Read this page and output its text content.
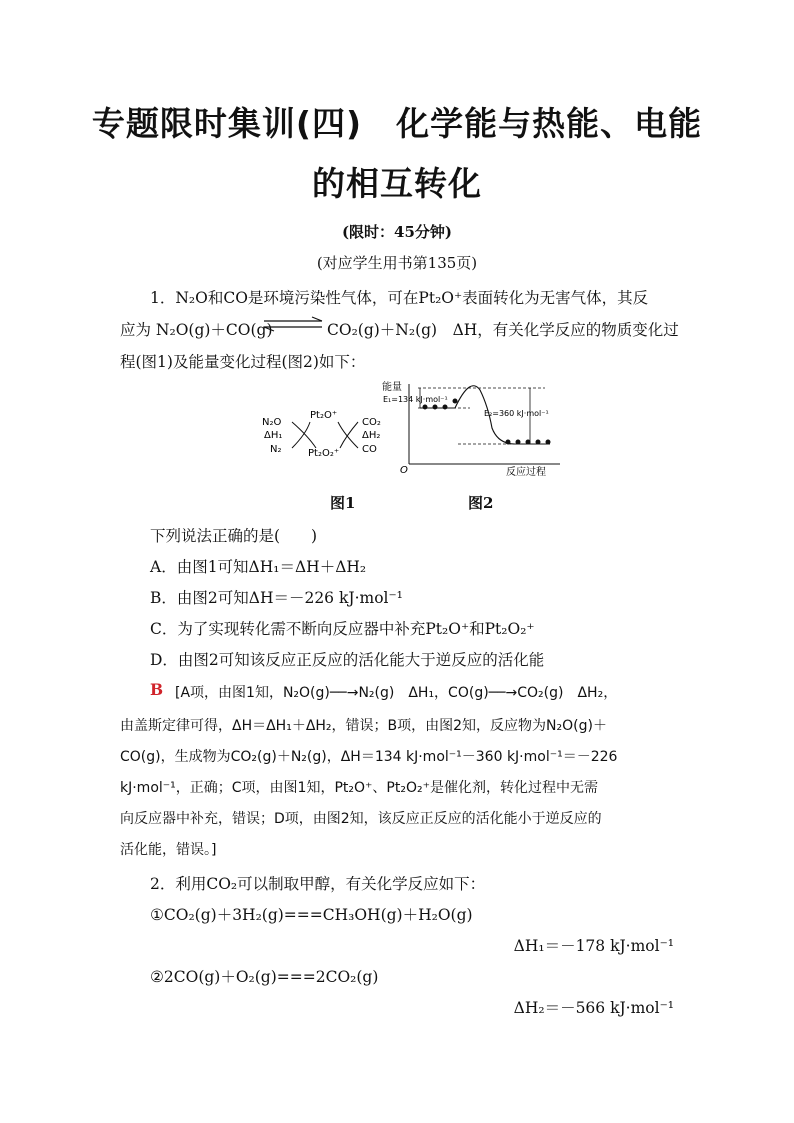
专题限时集训(四)　化学能与热能、电能
的相互转化
(限时：45分钟)
(对应学生用书第135页)
1．N₂O和CO是环境污染性气体，可在Pt₂O⁺表面转化为无害气体，其反
应为 N₂O(g)＋CO(g) ⇌ CO₂(g)＋N₂(g)　ΔH，有关化学反应的物质变化过
程(图1)及能量变化过程(图2)如下：
N₂O
ΔH₁
N₂
Pt₂O⁺
Pt₂O₂⁺
CO₂
ΔH₂
CO
能量
反应过程
O
E₁=134 kJ·mol⁻¹
E₂=360 kJ·mol⁻¹
图1	图2
下列说法正确的是(　　)
A．由图1可知ΔH₁＝ΔH＋ΔH₂
B．由图2可知ΔH＝－226 kJ·mol⁻¹
C．为了实现转化需不断向反应器中补充Pt₂O⁺和Pt₂O₂⁺
D．由图2可知该反应正反应的活化能大于逆反应的活化能
B [A项，由图1知，N₂O(g)──→N₂(g)　ΔH₁，CO(g)──→CO₂(g)　ΔH₂，
由盖斯定律可得，ΔH＝ΔH₁＋ΔH₂，错误；B项，由图2知，反应物为N₂O(g)＋
CO(g)，生成物为CO₂(g)＋N₂(g)，ΔH＝134 kJ·mol⁻¹－360 kJ·mol⁻¹＝－226
kJ·mol⁻¹，正确；C项，由图1知，Pt₂O⁺、Pt₂O₂⁺是催化剂，转化过程中无需
向反应器中补充，错误；D项，由图2知，该反应正反应的活化能小于逆反应的
活化能，错误。]
2．利用CO₂可以制取甲醇，有关化学反应如下：
①CO₂(g)＋3H₂(g)===CH₃OH(g)＋H₂O(g)
ΔH₁＝－178 kJ·mol⁻¹
②2CO(g)＋O₂(g)===2CO₂(g)
ΔH₂＝－566 kJ·mol⁻¹
